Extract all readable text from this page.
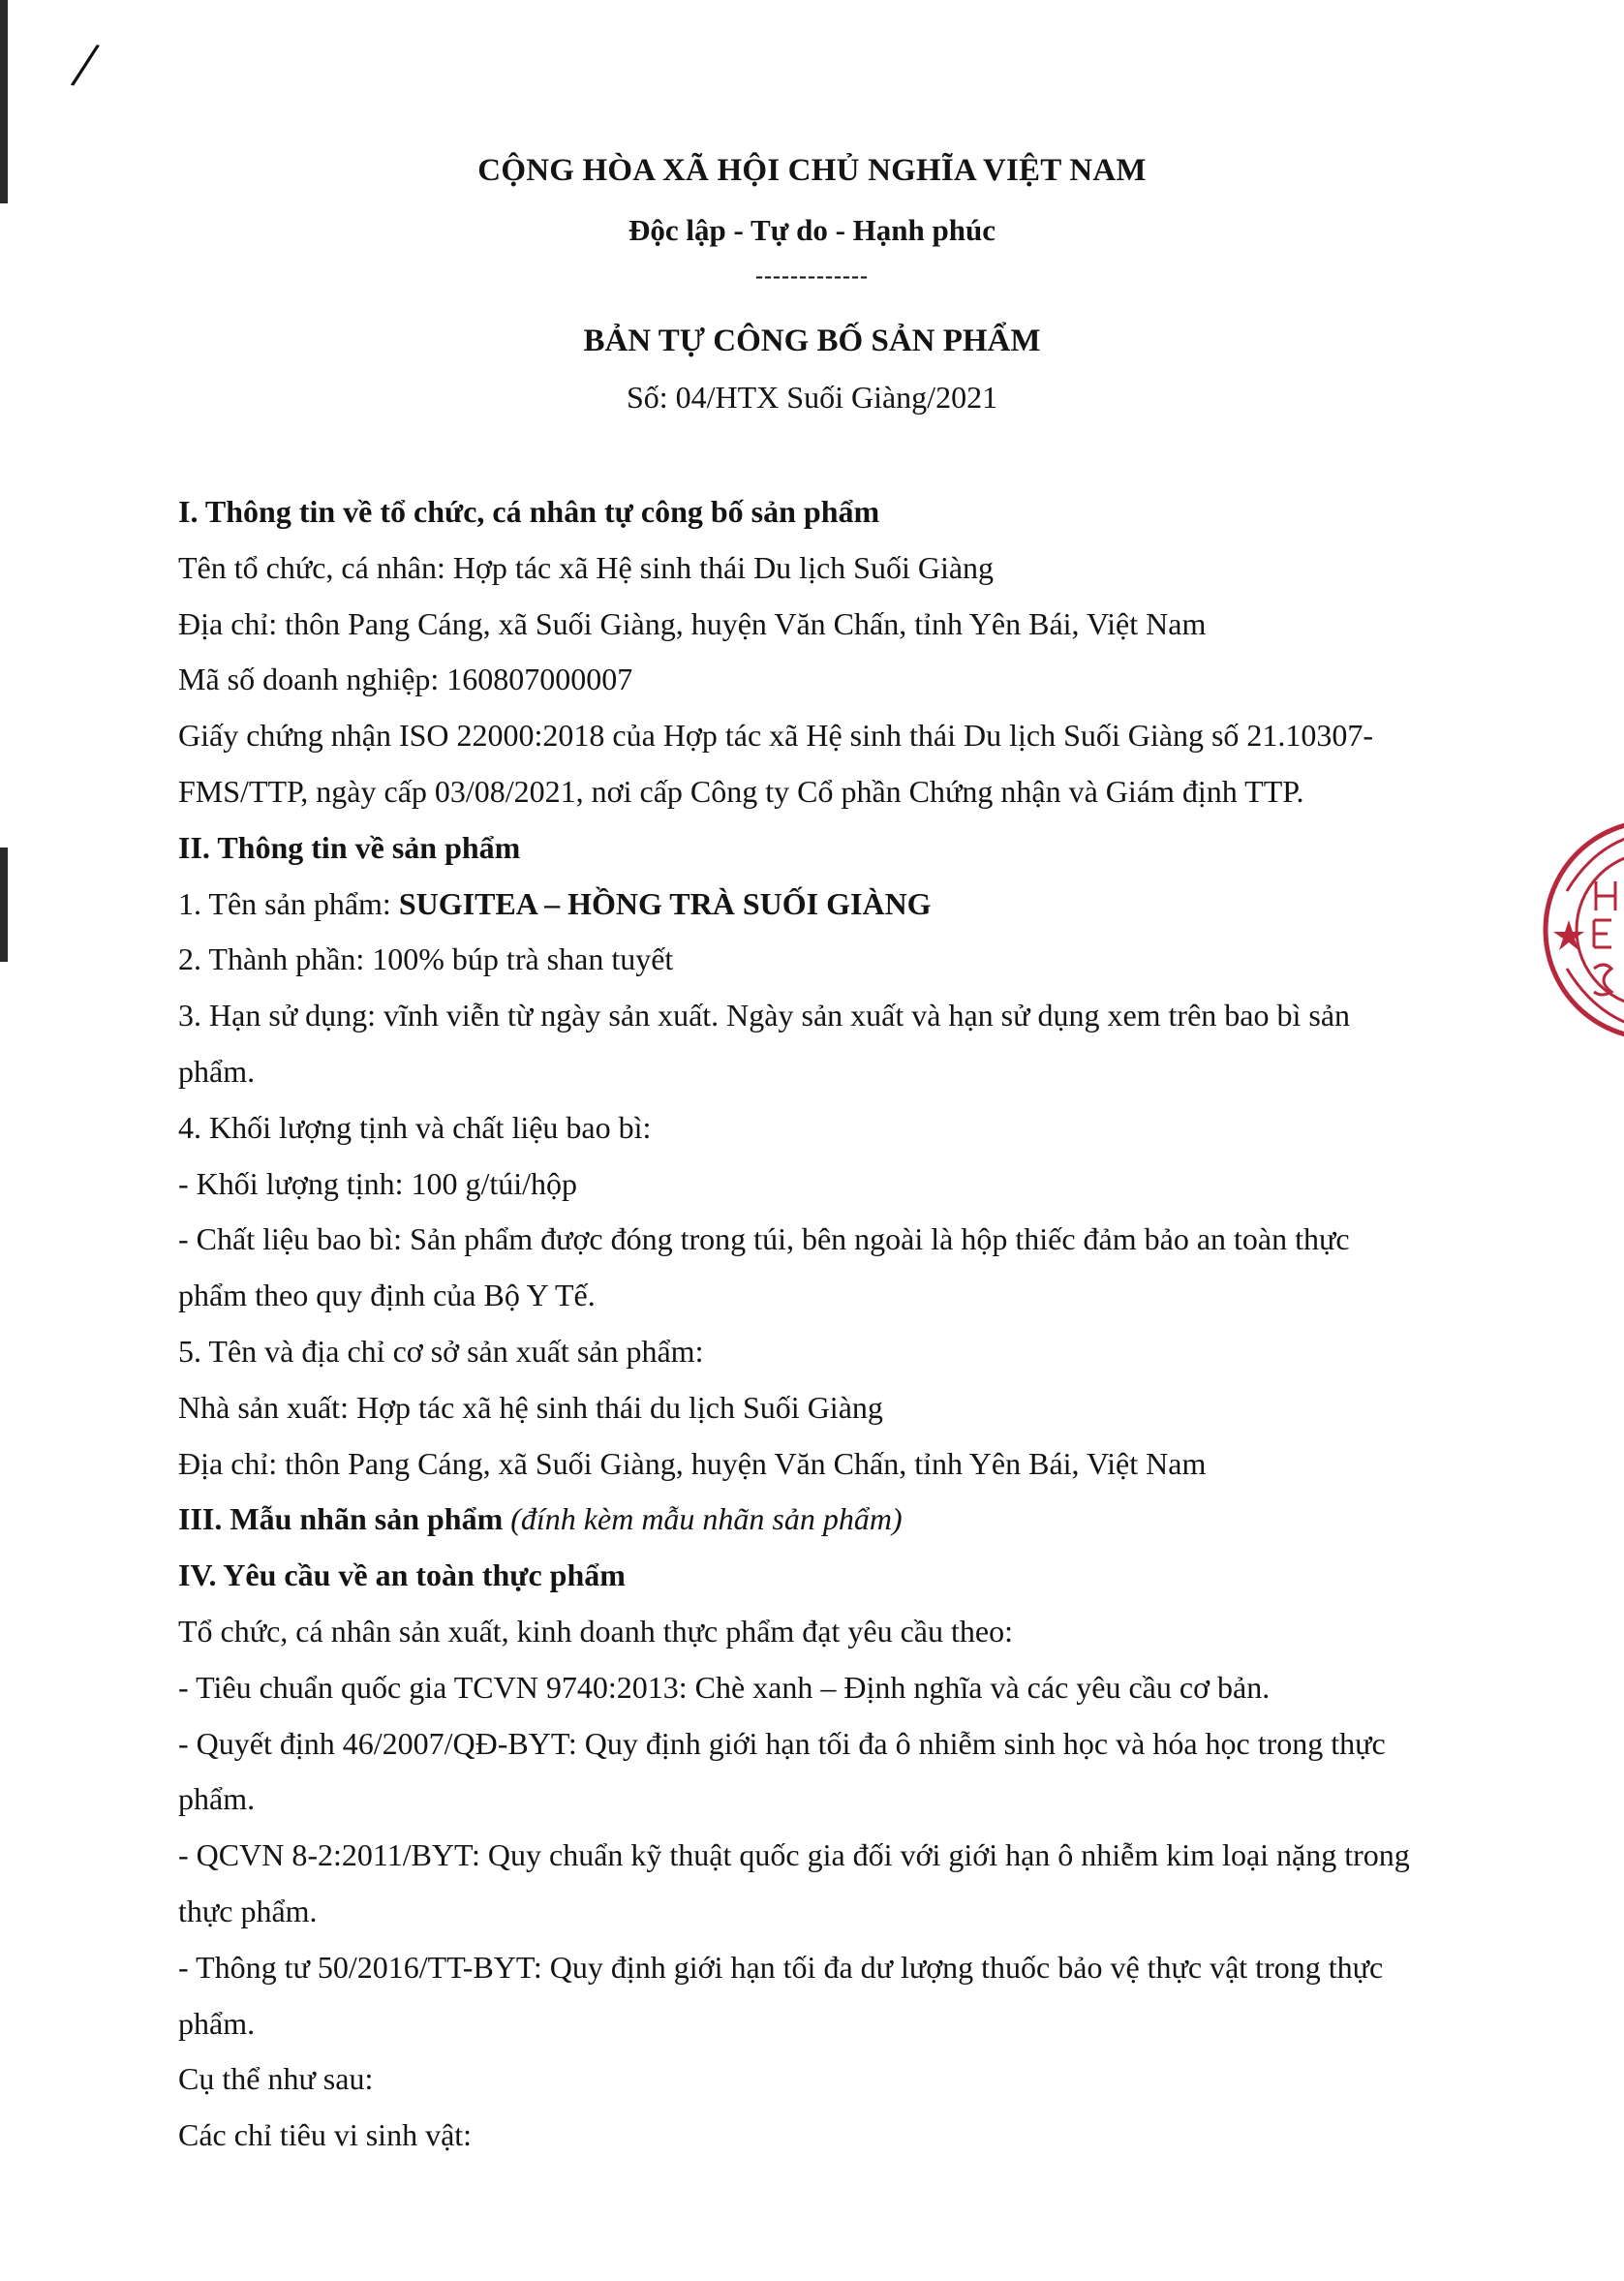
/
CỘNG HÒA XÃ HỘI CHỦ NGHĨA VIỆT NAM
Độc lập - Tự do - Hạnh phúc
-------------
BẢN TỰ CÔNG BỐ SẢN PHẨM
Số: 04/HTX Suối Giàng/2021
I. Thông tin về tổ chức, cá nhân tự công bố sản phẩm
Tên tổ chức, cá nhân: Hợp tác xã Hệ sinh thái Du lịch Suối Giàng
Địa chỉ: thôn Pang Cáng, xã Suối Giàng, huyện Văn Chấn, tỉnh Yên Bái, Việt Nam
Mã số doanh nghiệp: 160807000007
Giấy chứng nhận ISO 22000:2018 của Hợp tác xã Hệ sinh thái Du lịch Suối Giàng số 21.10307-
FMS/TTP, ngày cấp 03/08/2021, nơi cấp Công ty Cổ phần Chứng nhận và Giám định TTP.
II. Thông tin về sản phẩm
1. Tên sản phẩm: SUGITEA – HỒNG TRÀ SUỐI GIÀNG
2. Thành phần: 100% búp trà shan tuyết
3. Hạn sử dụng: vĩnh viễn từ ngày sản xuất. Ngày sản xuất và hạn sử dụng xem trên bao bì sản
phẩm.
4. Khối lượng tịnh và chất liệu bao bì:
- Khối lượng tịnh: 100 g/túi/hộp
- Chất liệu bao bì: Sản phẩm được đóng trong túi, bên ngoài là hộp thiếc đảm bảo an toàn thực
phẩm theo quy định của Bộ Y Tế.
5. Tên và địa chỉ cơ sở sản xuất sản phẩm:
Nhà sản xuất: Hợp tác xã hệ sinh thái du lịch Suối Giàng
Địa chỉ: thôn Pang Cáng, xã Suối Giàng, huyện Văn Chấn, tỉnh Yên Bái, Việt Nam
III. Mẫu nhãn sản phẩm (đính kèm mẫu nhãn sản phẩm)
IV. Yêu cầu về an toàn thực phẩm
Tổ chức, cá nhân sản xuất, kinh doanh thực phẩm đạt yêu cầu theo:
- Tiêu chuẩn quốc gia TCVN 9740:2013: Chè xanh – Định nghĩa và các yêu cầu cơ bản.
- Quyết định 46/2007/QĐ-BYT: Quy định giới hạn tối đa ô nhiễm sinh học và hóa học trong thực
phẩm.
- QCVN 8-2:2011/BYT: Quy chuẩn kỹ thuật quốc gia đối với giới hạn ô nhiễm kim loại nặng trong
thực phẩm.
- Thông tư 50/2016/TT-BYT: Quy định giới hạn tối đa dư lượng thuốc bảo vệ thực vật trong thực
phẩm.
Cụ thể như sau:
Các chỉ tiêu vi sinh vật:
